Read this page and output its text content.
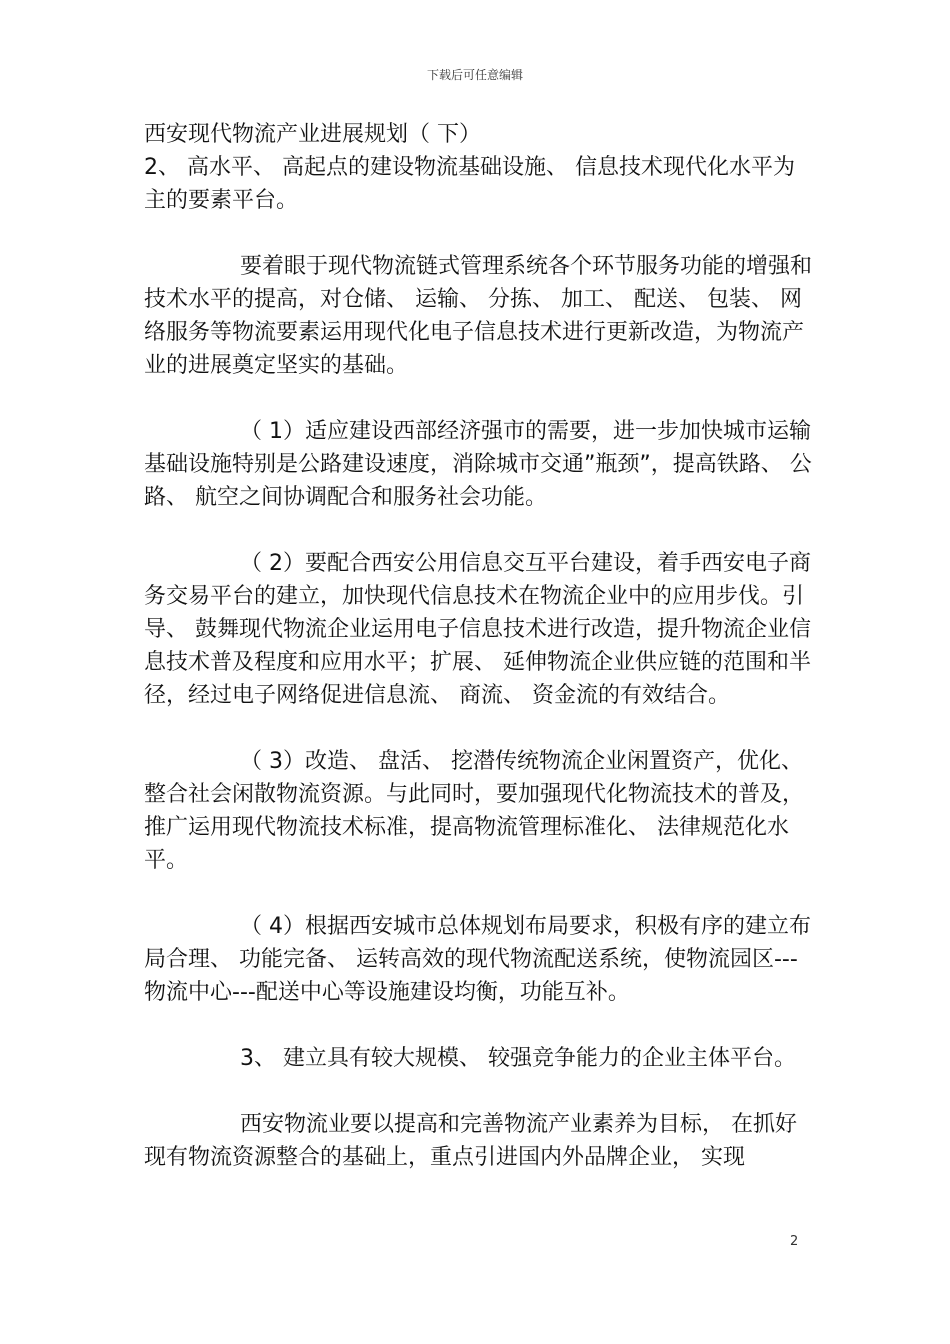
下载后可任意编辑

西安现代物流产业进展规划（ 下）

2、 高水平、 高起点的建设物流基础设施、 信息技术现代化水平为主的要素平台。

要着眼于现代物流链式管理系统各个环节服务功能的增强和技术水平的提高，对仓储、 运输、 分拣、 加工、 配送、 包装、 网络服务等物流要素运用现代化电子信息技术进行更新改造，为物流产业的进展奠定坚实的基础。

（ 1）适应建设西部经济强市的需要，进一步加快城市运输基础设施特别是公路建设速度，消除城市交通”瓶颈”，提高铁路、 公路、 航空之间协调配合和服务社会功能。

（ 2）要配合西安公用信息交互平台建设，着手西安电子商务交易平台的建立，加快现代信息技术在物流企业中的应用步伐。引导、 鼓舞现代物流企业运用电子信息技术进行改造，提升物流企业信息技术普及程度和应用水平；扩展、 延伸物流企业供应链的范围和半径，经过电子网络促进信息流、 商流、 资金流的有效结合。

（ 3）改造、 盘活、 挖潜传统物流企业闲置资产，优化、 整合社会闲散物流资源。与此同时，要加强现代化物流技术的普及，推广运用现代物流技术标准，提高物流管理标准化、 法律规范化水平。

（ 4）根据西安城市总体规划布局要求，积极有序的建立布局合理、 功能完备、 运转高效的现代物流配送系统，使物流园区---物流中心---配送中心等设施建设均衡，功能互补。

3、 建立具有较大规模、 较强竞争能力的企业主体平台。

西安物流业要以提高和完善物流产业素养为目标， 在抓好现有物流资源整合的基础上，重点引进国内外品牌企业， 实现

2
